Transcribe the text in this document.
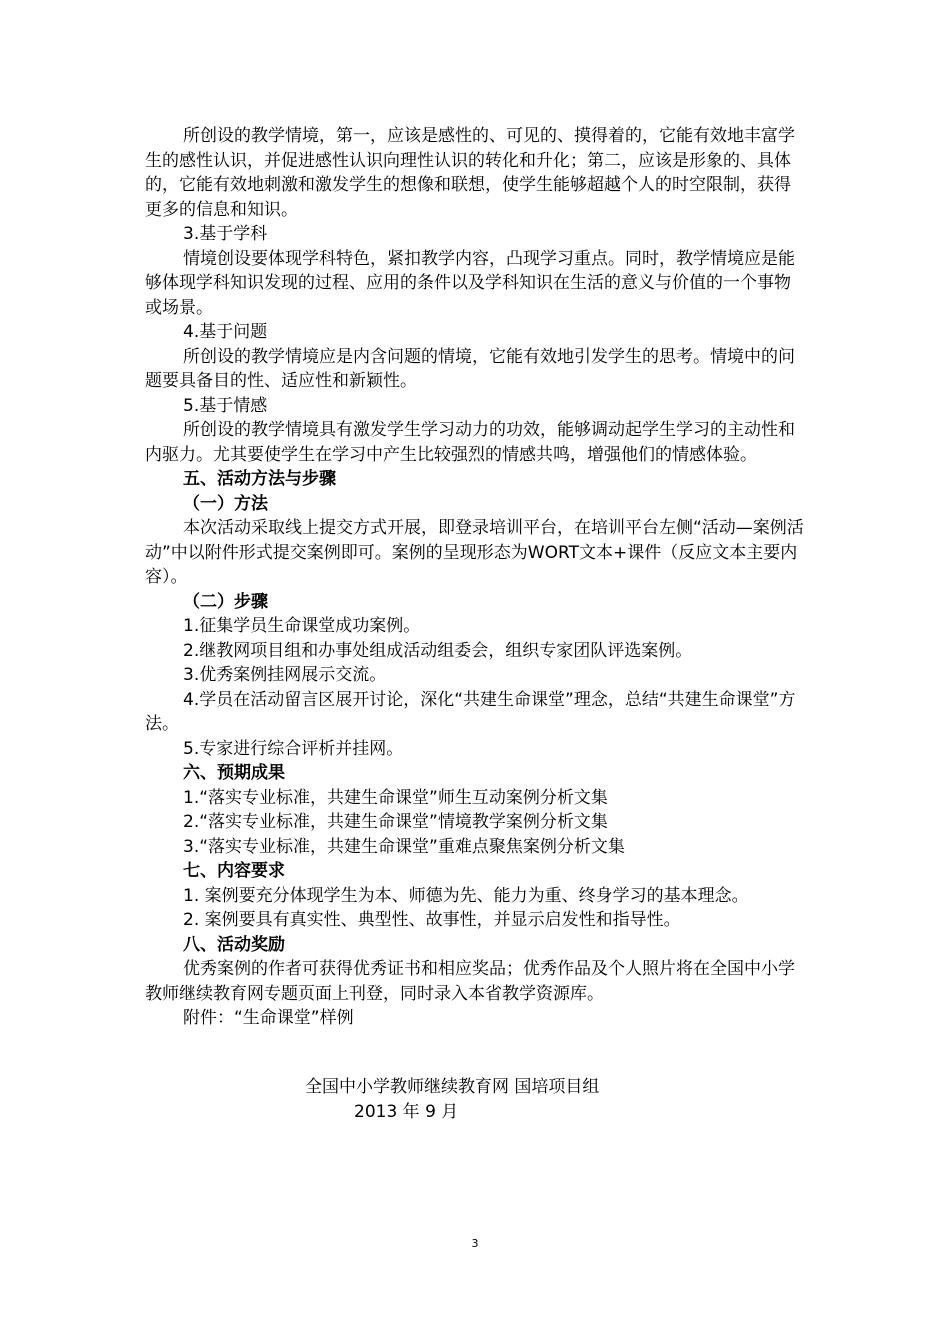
所创设的教学情境，第一，应该是感性的、可见的、摸得着的，它能有效地丰富学生的感性认识，并促进感性认识向理性认识的转化和升化；第二，应该是形象的、具体的，它能有效地刺激和激发学生的想像和联想，使学生能够超越个人的时空限制，获得更多的信息和知识。

3.基于学科

情境创设要体现学科特色，紧扣教学内容，凸现学习重点。同时，教学情境应是能够体现学科知识发现的过程、应用的条件以及学科知识在生活的意义与价值的一个事物或场景。

4.基于问题

所创设的教学情境应是内含问题的情境，它能有效地引发学生的思考。情境中的问题要具备目的性、适应性和新颖性。

5.基于情感

所创设的教学情境具有激发学生学习动力的功效，能够调动起学生学习的主动性和内驱力。尤其要使学生在学习中产生比较强烈的情感共鸣，增强他们的情感体验。

五、活动方法与步骤

（一）方法

本次活动采取线上提交方式开展，即登录培训平台，在培训平台左侧“活动—案例活动”中以附件形式提交案例即可。案例的呈现形态为WORT文本+课件（反应文本主要内容）。

（二）步骤

1.征集学员生命课堂成功案例。

2.继教网项目组和办事处组成活动组委会，组织专家团队评选案例。

3.优秀案例挂网展示交流。

4.学员在活动留言区展开讨论，深化“共建生命课堂”理念，总结“共建生命课堂”方法。

5.专家进行综合评析并挂网。

六、预期成果

1.“落实专业标准，共建生命课堂”师生互动案例分析文集

2.“落实专业标准，共建生命课堂”情境教学案例分析文集

3.“落实专业标准，共建生命课堂”重难点聚焦案例分析文集

七、内容要求

1. 案例要充分体现学生为本、师德为先、能力为重、终身学习的基本理念。

2. 案例要具有真实性、典型性、故事性，并显示启发性和指导性。

八、活动奖励

优秀案例的作者可获得优秀证书和相应奖品；优秀作品及个人照片将在全国中小学教师继续教育网专题页面上刊登，同时录入本省教学资源库。

附件：“生命课堂”样例

全国中小学教师继续教育网 国培项目组
2013 年 9 月
3
